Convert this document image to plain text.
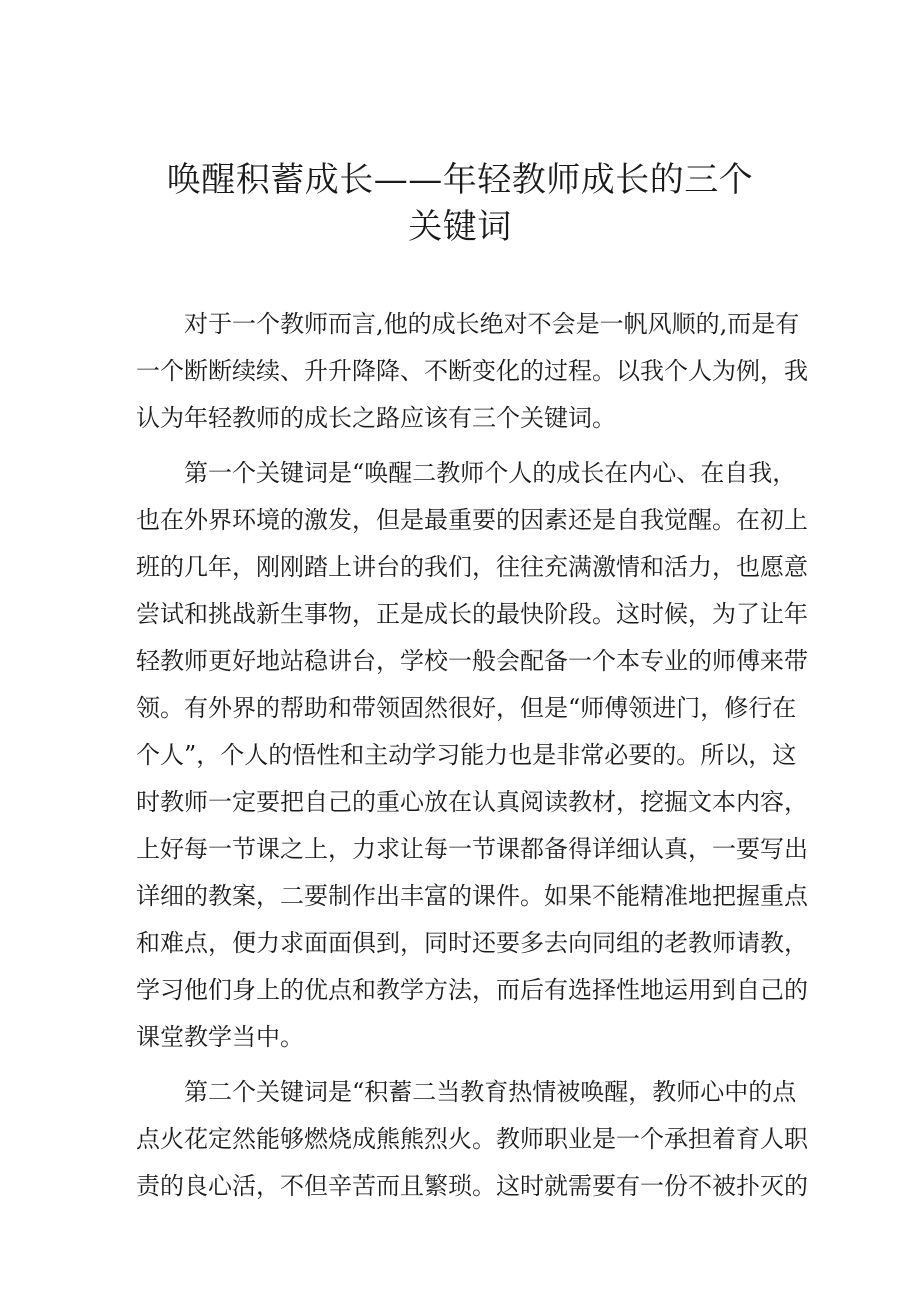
唤醒积蓄成长——年轻教师成长的三个
关键词
对于一个教师而言,他的成长绝对不会是一帆风顺的,而是有
一个断断续续、升升降降、不断变化的过程。以我个人为例，我
认为年轻教师的成长之路应该有三个关键词。
第一个关键词是“唤醒二教师个人的成长在内心、在自我，
也在外界环境的激发，但是最重要的因素还是自我觉醒。在初上
班的几年，刚刚踏上讲台的我们，往往充满激情和活力，也愿意
尝试和挑战新生事物，正是成长的最快阶段。这时候，为了让年
轻教师更好地站稳讲台，学校一般会配备一个本专业的师傅来带
领。有外界的帮助和带领固然很好，但是“师傅领进门，修行在
个人”，个人的悟性和主动学习能力也是非常必要的。所以，这
时教师一定要把自己的重心放在认真阅读教材，挖掘文本内容，
上好每一节课之上，力求让每一节课都备得详细认真，一要写出
详细的教案，二要制作出丰富的课件。如果不能精准地把握重点
和难点，便力求面面俱到，同时还要多去向同组的老教师请教，
学习他们身上的优点和教学方法，而后有选择性地运用到自己的
课堂教学当中。
第二个关键词是“积蓄二当教育热情被唤醒，教师心中的点
点火花定然能够燃烧成熊熊烈火。教师职业是一个承担着育人职
责的良心活，不但辛苦而且繁琐。这时就需要有一份不被扑灭的
